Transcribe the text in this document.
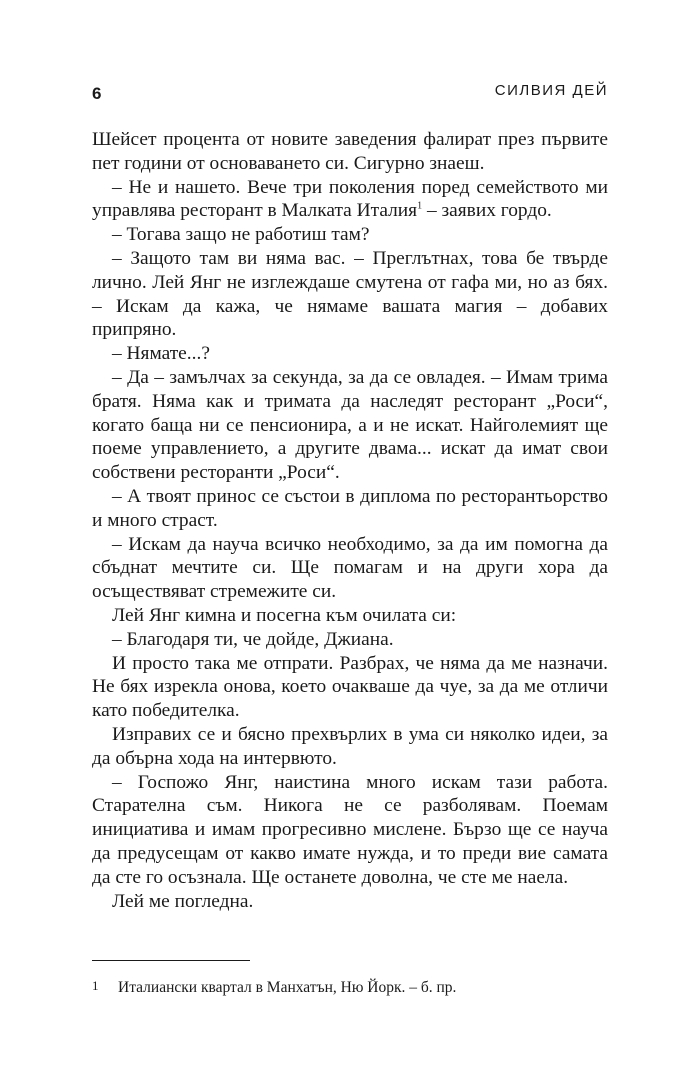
6	СИЛВИЯ ДЕЙ

Шейсет процента от новите заведения фалират през първите пет години от основаването си. Сигурно знаеш.

– Не и нашето. Вече три поколения поред семейството ми управлява ресторант в Малката Италия$^1$ – заявих гордо.

– Тогава защо не работиш там?

– Защото там ви няма вас. – Преглътнах, това бе твърде лично. Лей Янг не изглеждаше смутена от гафа ми, но аз бях. – Искам да кажа, че нямаме вашата магия – добавих припряно.

– Нямате...?

– Да – замълчах за секунда, за да се овладея. – Имам трима братя. Няма как и тримата да наследят ресторант „Роси“, когато баща ни се пенсионира, а и не искат. Найголемият ще поеме управлението, а другите двама... искат да имат свои собствени ресторанти „Роси“.

– А твоят принос се състои в диплома по ресторантьорство и много страст.

– Искам да науча всичко необходимо, за да им помогна да сбъднат мечтите си. Ще помагам и на други хора да осъществяват стремежите си.

Лей Янг кимна и посегна към очилата си:

– Благодаря ти, че дойде, Джиана.

И просто така ме отпрати. Разбрах, че няма да ме назначи. Не бях изрекла онова, което очакваше да чуе, за да ме отличи като победителка.

Изправих се и бясно прехвърлих в ума си няколко идеи, за да обърна хода на интервюто.

– Госпожо Янг, наистина много искам тази работа. Старателна съм. Никога не се разболявам. Поемам инициатива и имам прогресивно мислене. Бързо ще се науча да предусещам от какво имате нужда, и то преди вие самата да сте го осъзнала. Ще останете доволна, че сте ме наела.

Лей ме погледна.

1 Италиански квартал в Манхатън, Ню Йорк. – б. пр.
